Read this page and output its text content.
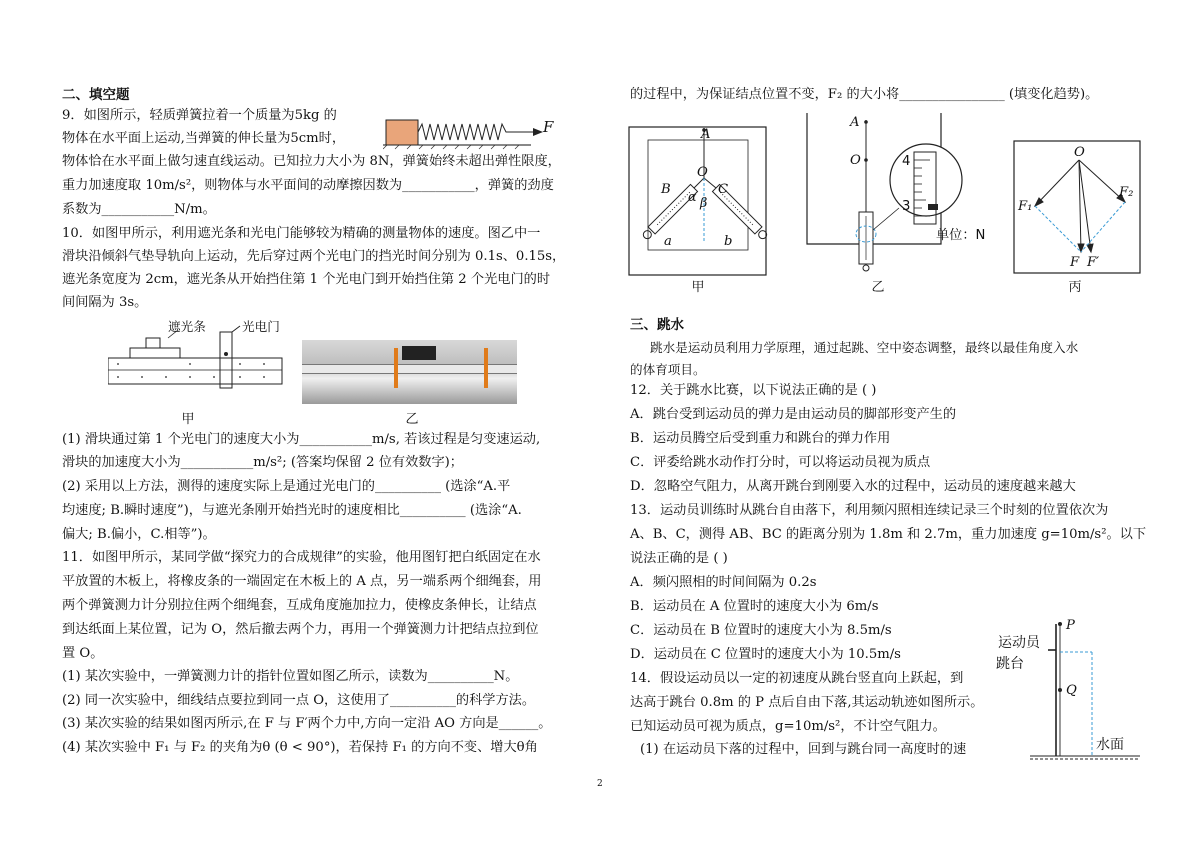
二、填空题
9．如图所示，轻质弹簧拉着一个质量为5kg 的
物体在水平面上运动,当弹簧的伸长量为5cm时，
物体恰在水平面上做匀速直线运动。已知拉力大小为 8N，弹簧始终未超出弹性限度，
重力加速度取 10m/s²，则物体与水平面间的动摩擦因数为___________，弹簧的劲度
系数为___________N/m。
10．如图甲所示，利用遮光条和光电门能够较为精确的测量物体的速度。图乙中一
滑块沿倾斜气垫导轨向上运动，先后穿过两个光电门的挡光时间分别为 0.1s、0.15s，
遮光条宽度为 2cm，遮光条从开始挡住第 1 个光电门到开始挡住第 2 个光电门的时
间间隔为 3s。
(1) 滑块通过第 1 个光电门的速度大小为___________m/s, 若该过程是匀变速运动,
滑块的加速度大小为___________m/s²; (答案均保留 2 位有效数字)；
(2) 采用以上方法，测得的速度实际上是通过光电门的__________ (选涂“A.平
均速度; B.瞬时速度”)，与遮光条刚开始挡光时的速度相比__________ (选涂“A.
偏大; B.偏小，C.相等”)。
11．如图甲所示，某同学做“探究力的合成规律”的实验，他用图钉把白纸固定在水
平放置的木板上，将橡皮条的一端固定在木板上的 A 点，另一端系两个细绳套，用
两个弹簧测力计分别拉住两个细绳套，互成角度施加拉力，使橡皮条伸长，让结点
到达纸面上某位置，记为 O，然后撤去两个力，再用一个弹簧测力计把结点拉到位
置 O。
(1) 某次实验中，一弹簧测力计的指针位置如图乙所示，读数为__________N。
(2) 同一次实验中，细线结点要拉到同一点 O，这使用了__________的科学方法。
(3) 某次实验的结果如图丙所示,在 F 与 F′两个力中,方向一定沿 AO 方向是______。
(4) 某次实验中 F₁ 与 F₂ 的夹角为θ (θ < 90°)，若保持 F₁ 的方向不变、增大θ角
F
遮光条	光电门
甲	乙
的过程中，为保证结点位置不变，F₂ 的大小将________________ (填变化趋势)。
三、跳水
跳水是运动员利用力学原理，通过起跳、空中姿态调整，最终以最佳角度入水
的体育项目。
12．关于跳水比赛，以下说法正确的是 ( )
A．跳台受到运动员的弹力是由运动员的脚部形变产生的
B．运动员腾空后受到重力和跳台的弹力作用
C．评委给跳水动作打分时，可以将运动员视为质点
D．忽略空气阻力，从离开跳台到刚要入水的过程中，运动员的速度越来越大
13．运动员训练时从跳台自由落下，利用频闪照相连续记录三个时刻的位置依次为
A、B、C，测得 AB、BC 的距离分别为 1.8m 和 2.7m，重力加速度 g=10m/s²。以下
说法正确的是 ( )
A．频闪照相的时间间隔为 0.2s
B．运动员在 A 位置时的速度大小为 6m/s
C．运动员在 B 位置时的速度大小为 8.5m/s
D．运动员在 C 位置时的速度大小为 10.5m/s
14．假设运动员以一定的初速度从跳台竖直向上跃起，到
达高于跳台 0.8m 的 P 点后自由下落,其运动轨迹如图所示。
已知运动员可视为质点，g=10m/s²，不计空气阻力。
(1) 在运动员下落的过程中，回到与跳台同一高度时的速
A
O
B	C
α β
a	b
甲
A
O	4
3
单位：N
乙
O
F₁
F₂
F F′
丙
P
Q
运动员
跳台
水面
2
